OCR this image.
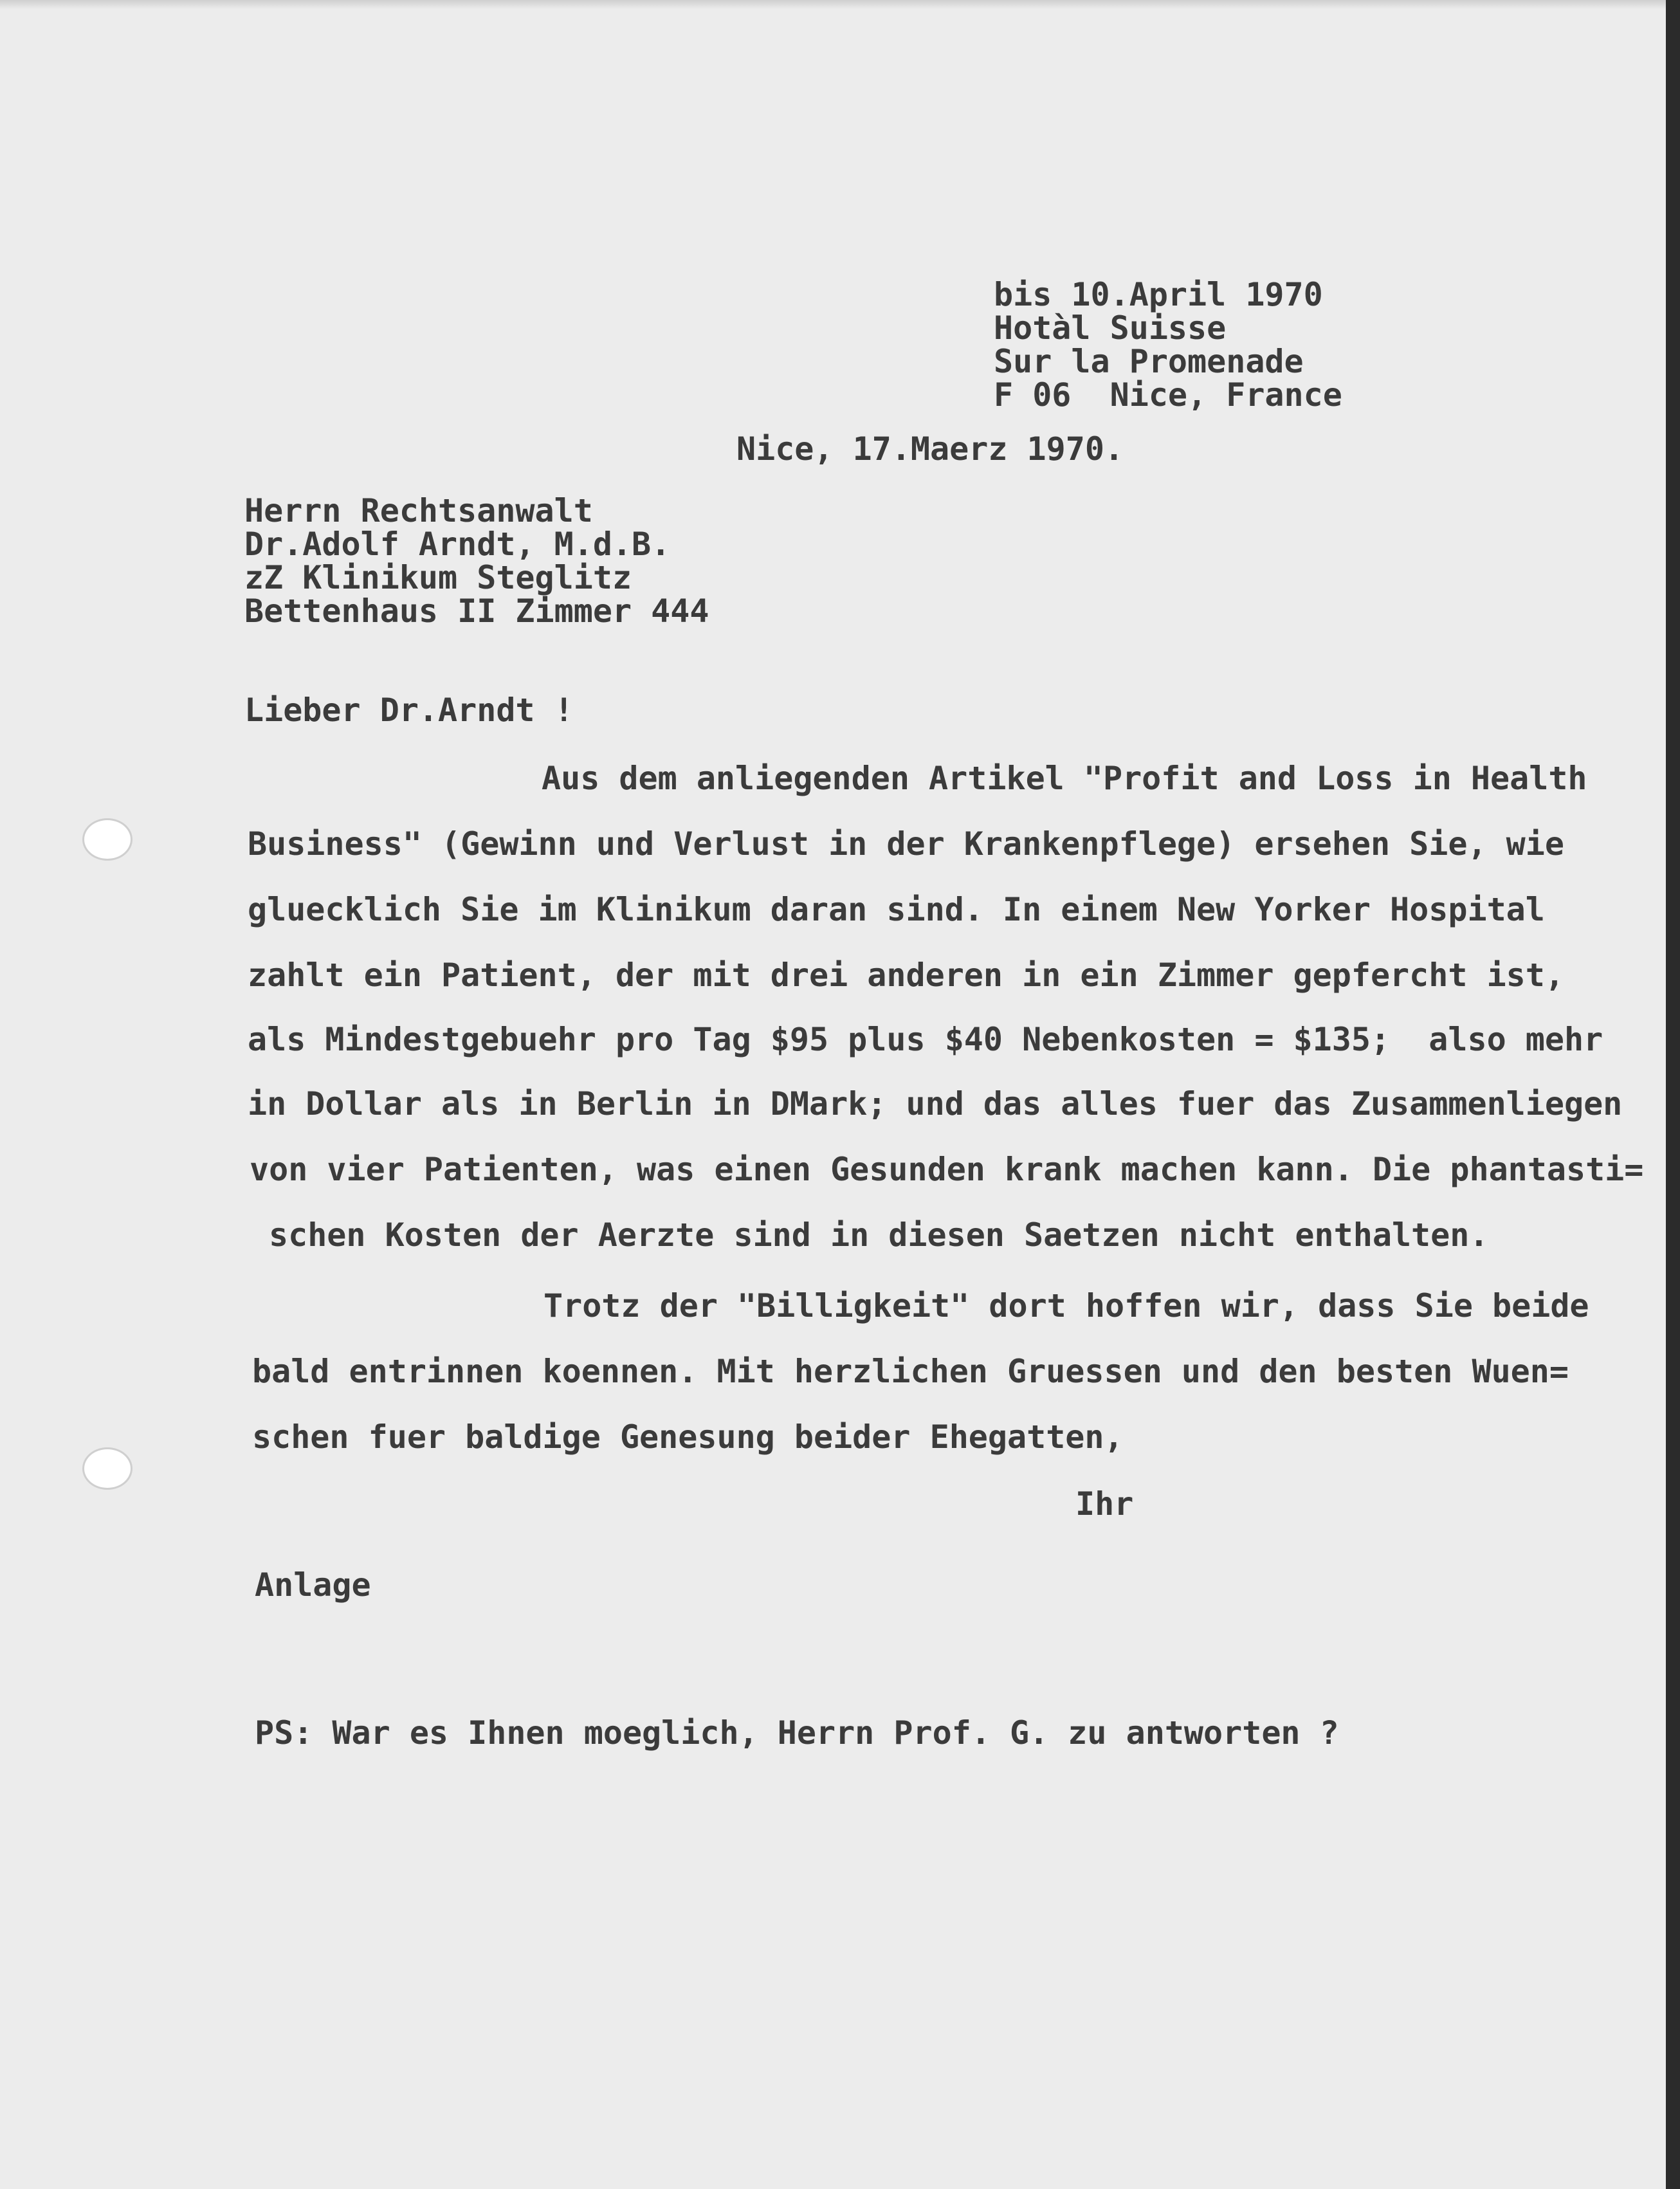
bis 10.April 1970

Hotàl Suisse

Sur la Promenade

F 06  Nice, France

Nice, 17.Maerz 1970.

Herrn Rechtsanwalt

Dr.Adolf Arndt, M.d.B.

zZ Klinikum Steglitz

Bettenhaus II Zimmer 444

Lieber Dr.Arndt !

Aus dem anliegenden Artikel "Profit and Loss in Health

Business" (Gewinn und Verlust in der Krankenpflege) ersehen Sie, wie

gluecklich Sie im Klinikum daran sind. In einem New Yorker Hospital

zahlt ein Patient, der mit drei anderen in ein Zimmer gepfercht ist,

als Mindestgebuehr pro Tag $95 plus $40 Nebenkosten = $135;  also mehr

in Dollar als in Berlin in DMark; und das alles fuer das Zusammenliegen

von vier Patienten, was einen Gesunden krank machen kann. Die phantasti=

schen Kosten der Aerzte sind in diesen Saetzen nicht enthalten.

Trotz der "Billigkeit" dort hoffen wir, dass Sie beide

bald entrinnen koennen. Mit herzlichen Gruessen und den besten Wuen=

schen fuer baldige Genesung beider Ehegatten,

Ihr

Anlage

PS: War es Ihnen moeglich, Herrn Prof. G. zu antworten ?
